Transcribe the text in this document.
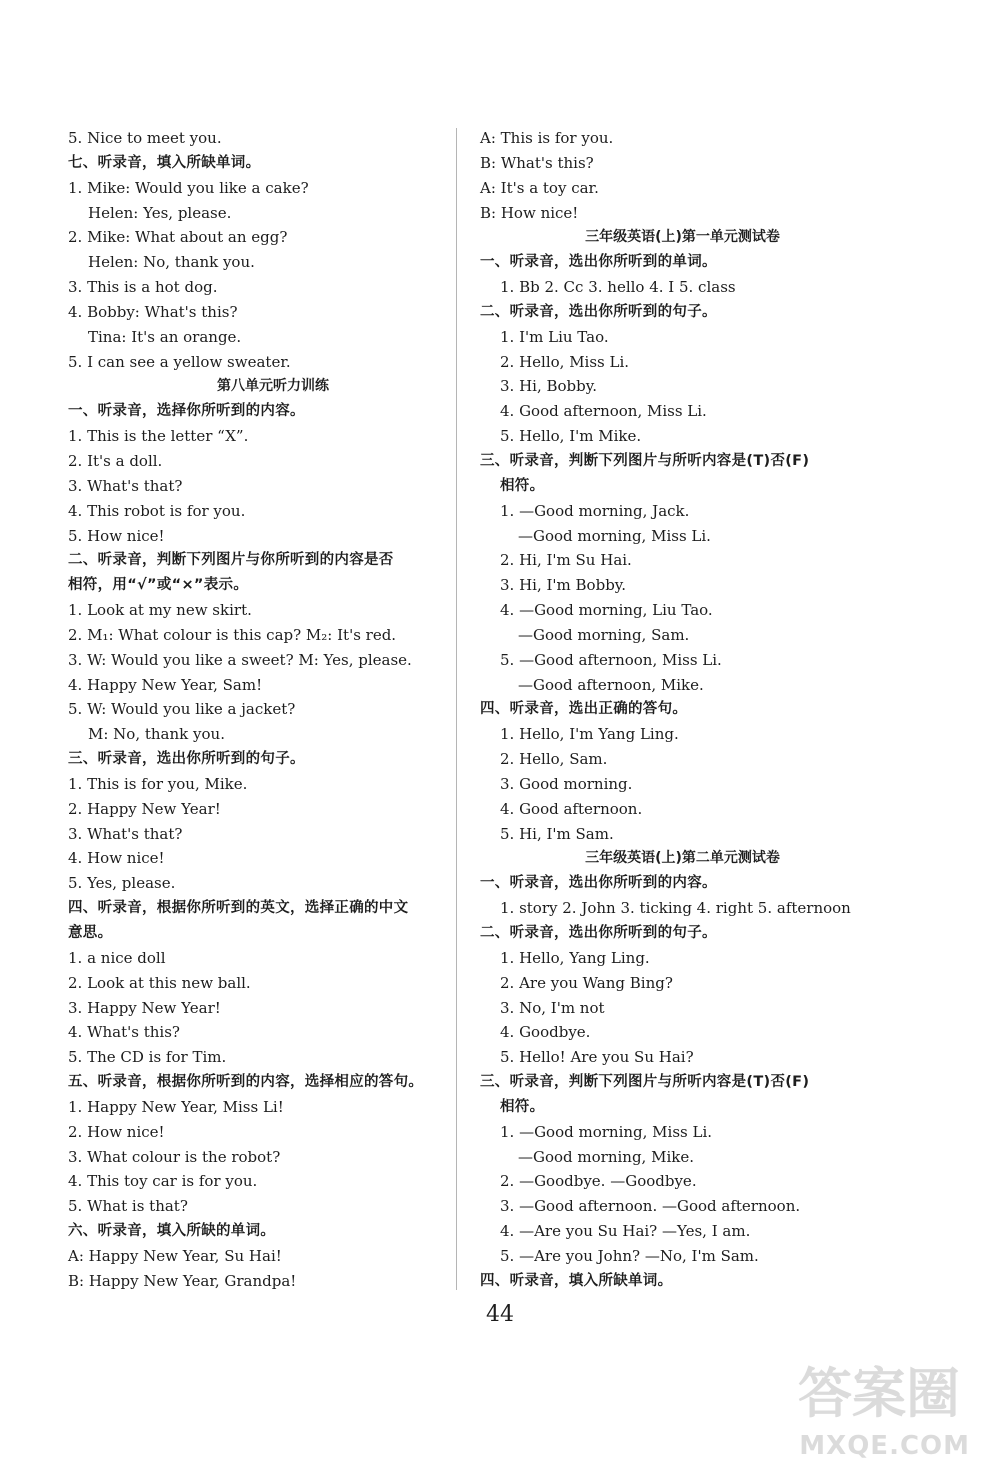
5. Nice to meet you.
七、听录音，填入所缺单词。
1. Mike: Would you like a cake?
Helen: Yes, please.
2. Mike: What about an egg?
Helen: No, thank you.
3. This is a hot dog.
4. Bobby: What's this?
Tina: It's an orange.
5. I can see a yellow sweater.
第八单元听力训练
一、听录音，选择你所听到的内容。
1. This is the letter “X”.
2. It's a doll.
3. What's that?
4. This robot is for you.
5. How nice!
二、听录音，判断下列图片与你所听到的内容是否
相符，用“√”或“×”表示。
1. Look at my new skirt.
2. M₁: What colour is this cap? M₂: It's red.
3. W: Would you like a sweet? M: Yes, please.
4. Happy New Year, Sam!
5. W: Would you like a jacket?
M: No, thank you.
三、听录音，选出你所听到的句子。
1. This is for you, Mike.
2. Happy New Year!
3. What's that?
4. How nice!
5. Yes, please.
四、听录音，根据你所听到的英文，选择正确的中文
意思。
1. a nice doll
2. Look at this new ball.
3. Happy New Year!
4. What's this?
5. The CD is for Tim.
五、听录音，根据你所听到的内容，选择相应的答句。
1. Happy New Year, Miss Li!
2. How nice!
3. What colour is the robot?
4. This toy car is for you.
5. What is that?
六、听录音，填入所缺的单词。
A: Happy New Year, Su Hai!
B: Happy New Year, Grandpa!
A: This is for you.
B: What's this?
A: It's a toy car.
B: How nice!
三年级英语(上)第一单元测试卷
一、听录音，选出你所听到的单词。
1. Bb 2. Cc 3. hello 4. I 5. class
二、听录音，选出你所听到的句子。
1. I'm Liu Tao.
2. Hello, Miss Li.
3. Hi, Bobby.
4. Good afternoon, Miss Li.
5. Hello, I'm Mike.
三、听录音，判断下列图片与所听内容是(T)否(F)
相符。
1. —Good morning, Jack.
—Good morning, Miss Li.
2. Hi, I'm Su Hai.
3. Hi, I'm Bobby.
4. —Good morning, Liu Tao.
—Good morning, Sam.
5. —Good afternoon, Miss Li.
—Good afternoon, Mike.
四、听录音，选出正确的答句。
1. Hello, I'm Yang Ling.
2. Hello, Sam.
3. Good morning.
4. Good afternoon.
5. Hi, I'm Sam.
三年级英语(上)第二单元测试卷
一、听录音，选出你所听到的内容。
1. story 2. John 3. ticking 4. right 5. afternoon
二、听录音，选出你所听到的句子。
1. Hello, Yang Ling.
2. Are you Wang Bing?
3. No, I'm not
4. Goodbye.
5. Hello! Are you Su Hai?
三、听录音，判断下列图片与所听内容是(T)否(F)
相符。
1. —Good morning, Miss Li.
—Good morning, Mike.
2. —Goodbye. —Goodbye.
3. —Good afternoon. —Good afternoon.
4. —Are you Su Hai? —Yes, I am.
5. —Are you John? —No, I'm Sam.
四、听录音，填入所缺单词。
44
答案圈
MXQE.COM
